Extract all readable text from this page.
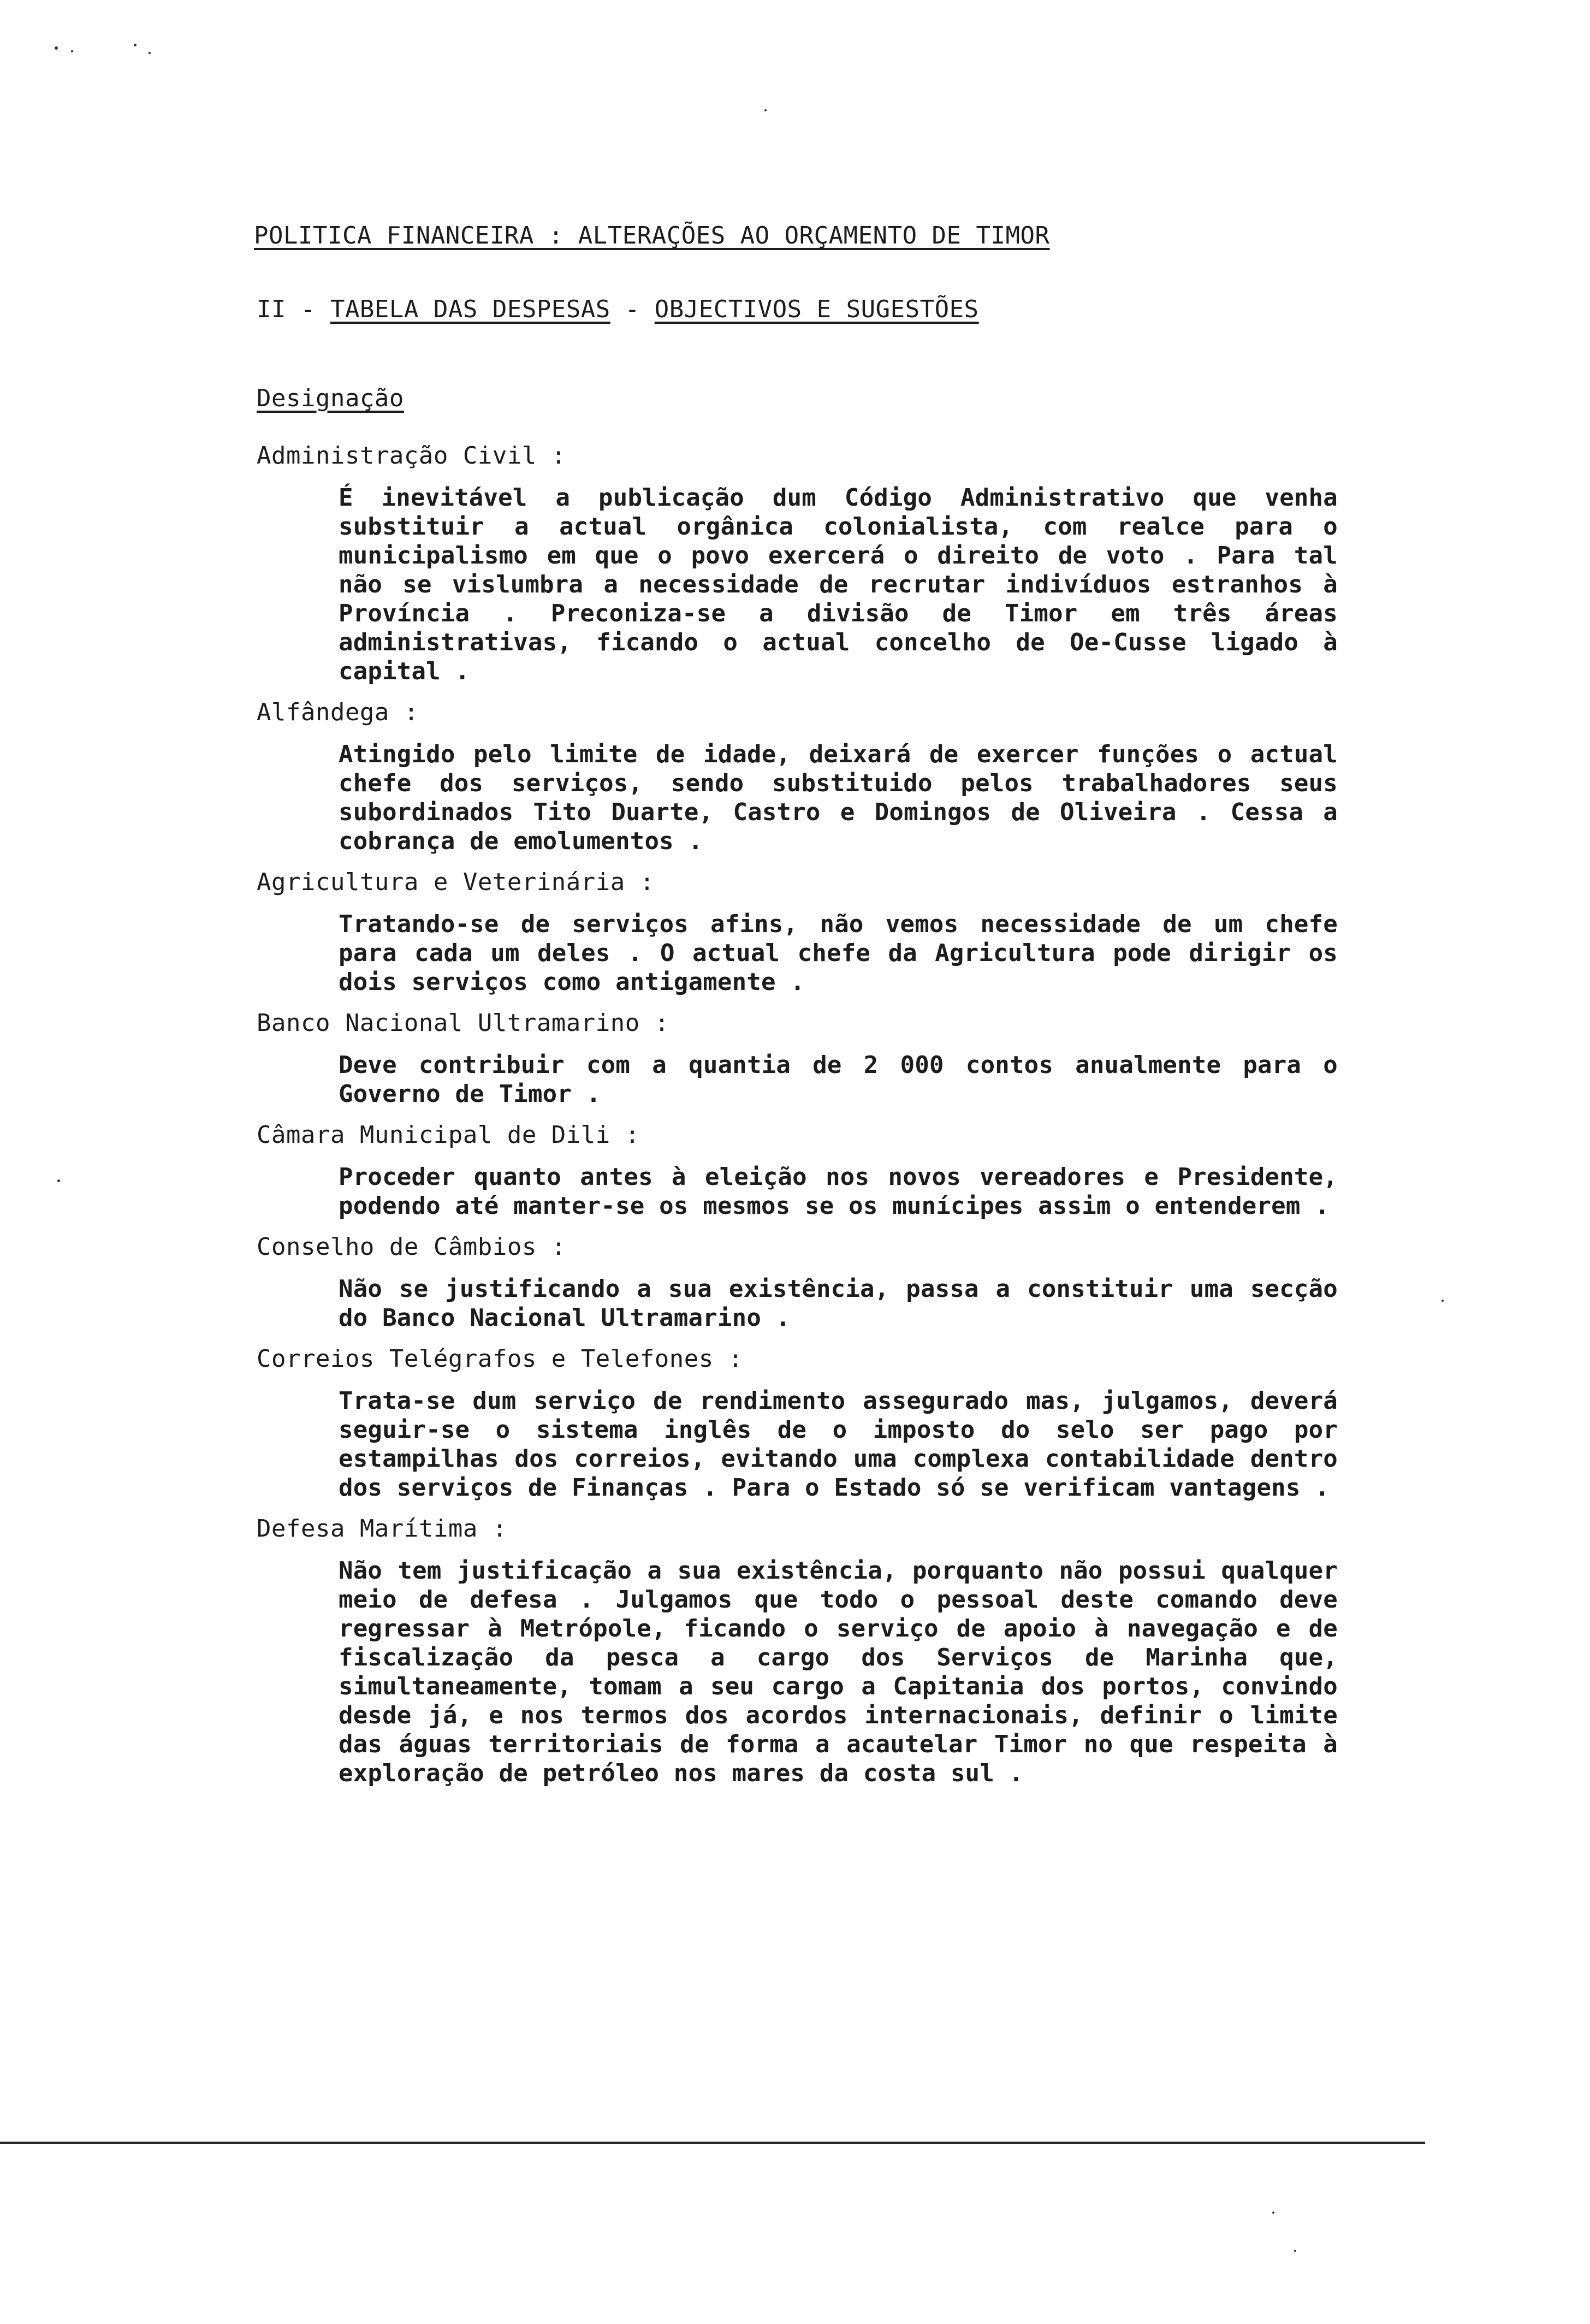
POLITICA FINANCEIRA : ALTERAÇÕES AO ORÇAMENTO DE TIMOR
II - TABELA DAS DESPESAS - OBJECTIVOS E SUGESTÕES
Designação
Administração Civil :
É inevitável a publicação dum Código Administrativo que venha substituir a actual orgânica colonialista, com realce para o municipalismo em que o povo exercerá o direito de voto . Para tal não se vislumbra a necessidade de recrutar indivíduos estranhos à Província . Preconiza-se a divisão de Timor em três áreas administrativas, ficando o actual concelho de Oe-Cusse ligado à capital .
Alfândega :
Atingido pelo limite de idade, deixará de exercer funções o actual chefe dos serviços, sendo substituido pelos trabalhadores seus subordinados Tito Duarte, Castro e Domingos de Oliveira . Cessa a cobrança de emolumentos .
Agricultura e Veterinária :
Tratando-se de serviços afins, não vemos necessidade de um chefe para cada um deles . O actual chefe da Agricultura pode dirigir os dois serviços como antigamente .
Banco Nacional Ultramarino :
Deve contribuir com a quantia de 2 000 contos anualmente para o Governo de Timor .
Câmara Municipal de Dili :
Proceder quanto antes à eleição nos novos vereadores e Presidente, podendo até manter-se os mesmos se os munícipes assim o entenderem .
Conselho de Câmbios :
Não se justificando a sua existência, passa a constituir uma secção do Banco Nacional Ultramarino .
Correios Telégrafos e Telefones :
Trata-se dum serviço de rendimento assegurado mas, julgamos, deverá seguir-se o sistema inglês de o imposto do selo ser pago por estampilhas dos correios, evitando uma complexa contabilidade dentro dos serviços de Finanças . Para o Estado só se verificam vantagens .
Defesa Marítima :
Não tem justificação a sua existência, porquanto não possui qualquer meio de defesa . Julgamos que todo o pessoal deste comando deve regressar à Metrópole, ficando o serviço de apoio à navegação e de fiscalização da pesca a cargo dos Serviços de Marinha que, simultaneamente, tomam a seu cargo a Capitania dos portos, convindo desde já, e nos termos dos acordos internacionais, definir o limite das águas territoriais de forma a acautelar Timor no que respeita à exploração de petróleo nos mares da costa sul .
